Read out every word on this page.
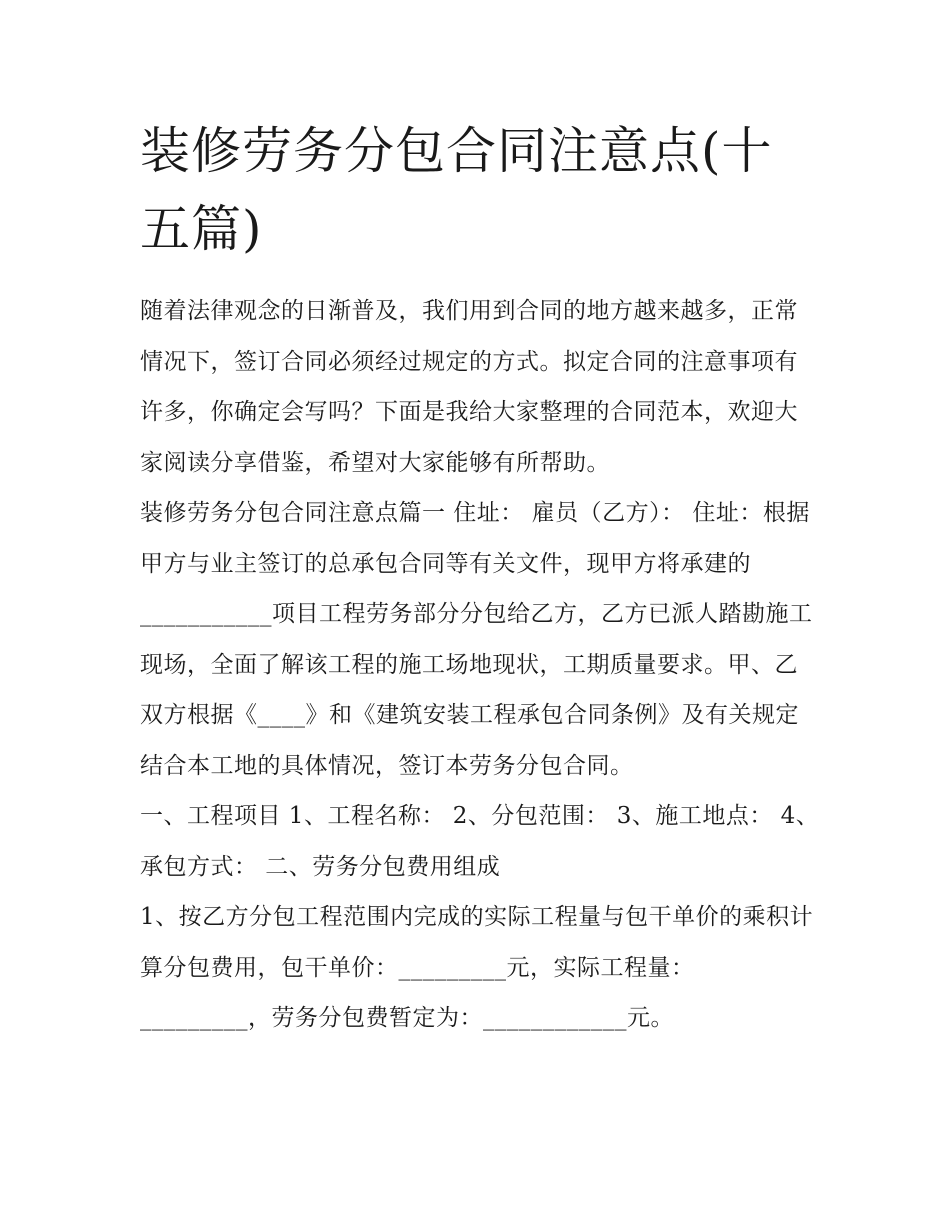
装修劳务分包合同注意点(十五篇)

随着法律观念的日渐普及，我们用到合同的地方越来越多，正常情况下，签订合同必须经过规定的方式。拟定合同的注意事项有许多，你确定会写吗？下面是我给大家整理的合同范本，欢迎大家阅读分享借鉴，希望对大家能够有所帮助。

装修劳务分包合同注意点篇一 住址： 雇员（乙方）： 住址：根据甲方与业主签订的总承包合同等有关文件，现甲方将承建的___________项目工程劳务部分分包给乙方，乙方已派人踏勘施工现场，全面了解该工程的施工场地现状，工期质量要求。甲、乙双方根据《____》和《建筑安装工程承包合同条例》及有关规定结合本工地的具体情况，签订本劳务分包合同。

一、工程项目 1、工程名称： 2、分包范围： 3、施工地点： 4、承包方式： 二、劳务分包费用组成

1、按乙方分包工程范围内完成的实际工程量与包干单价的乘积计算分包费用，包干单价：_________元，实际工程量：_________，劳务分包费暂定为：____________元。
